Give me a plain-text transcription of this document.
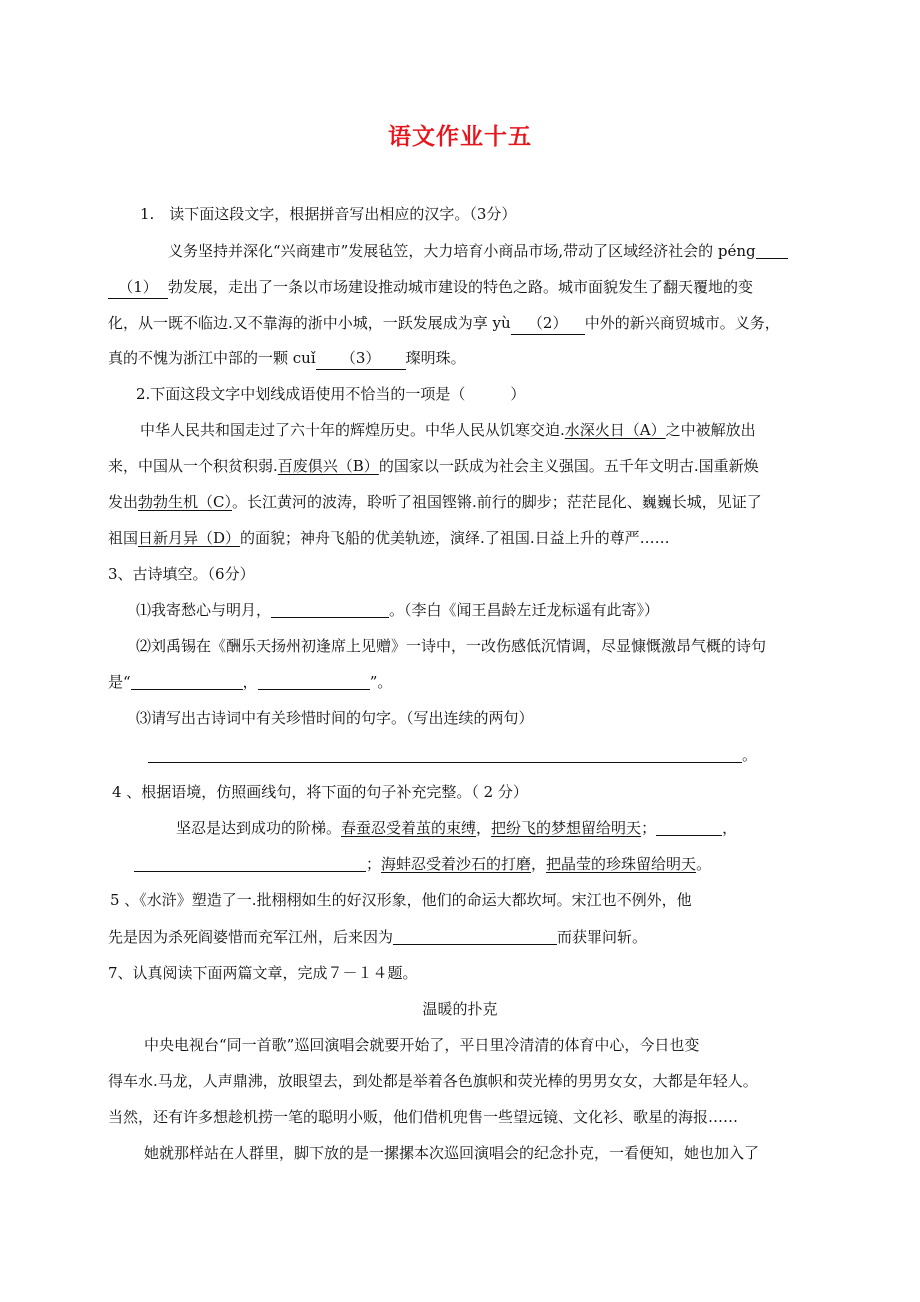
语文作业十五
1.　读下面这段文字，根据拼音写出相应的汉字。（3分）
义务坚持并深化“兴商建市”发展毡笠，大力培育小商品市场,带动了区域经济社会的 péng
（1） 勃发展，走出了一条以市场建设推动城市建设的特色之路。城市面貌发生了翻天覆地的变
化，从一既不临边.又不靠海的浙中小城，一跃发展成为享 yù （2） 中外的新兴商贸城市。义务，
真的不愧为浙江中部的一颗 cuǐ （3） 璨明珠。
2.下面这段文字中划线成语使用不恰当的一项是（　　　）
中华人民共和国走过了六十年的辉煌历史。中华人民从饥寒交迫.水深火日（A）之中被解放出
来，中国从一个积贫积弱.百废俱兴（B）的国家以一跃成为社会主义强国。五千年文明古.国重新焕
发出勃勃生机（C）。长江黄河的波涛，聆听了祖国铿锵.前行的脚步；茫茫昆化、巍巍长城，见证了
祖国日新月异（D）的面貌；神舟飞船的优美轨迹，演绎.了祖国.日益上升的尊严……
3、古诗填空。（6分）
⑴我寄愁心与明月，	。（李白《闻王昌龄左迁龙标遥有此寄》）
⑵刘禹锡在《酬乐天扬州初逢席上见赠》一诗中，一改伤感低沉情调，尽显慷慨激昂气概的诗句
是“	，	”。
⑶请写出古诗词中有关珍惜时间的句字。（写出连续的两句）
。
4 、根据语境，仿照画线句，将下面的句子补充完整。（ 2 分）
坚忍是达到成功的阶梯。春蚕忍受着茧的束缚，把纷飞的梦想留给明天；	，
；海蚌忍受着沙石的打磨，把晶莹的珍珠留给明天。
5 、《水浒》塑造了一.批栩栩如生的好汉形象，他们的命运大都坎坷。宋江也不例外，他
先是因为杀死阎婆惜而充军江州，后来因为	而获罪问斩。
7、认真阅读下面两篇文章，完成７－１４题。
温暖的扑克
中央电视台“同一首歌”巡回演唱会就要开始了，平日里冷清清的体育中心，今日也变
得车水.马龙，人声鼎沸，放眼望去，到处都是举着各色旗帜和荧光棒的男男女女，大都是年轻人。
当然，还有许多想趁机捞一笔的聪明小贩，他们借机兜售一些望远镜、文化衫、歌星的海报……
她就那样站在人群里，脚下放的是一摞摞本次巡回演唱会的纪念扑克，一看便知，她也加入了
